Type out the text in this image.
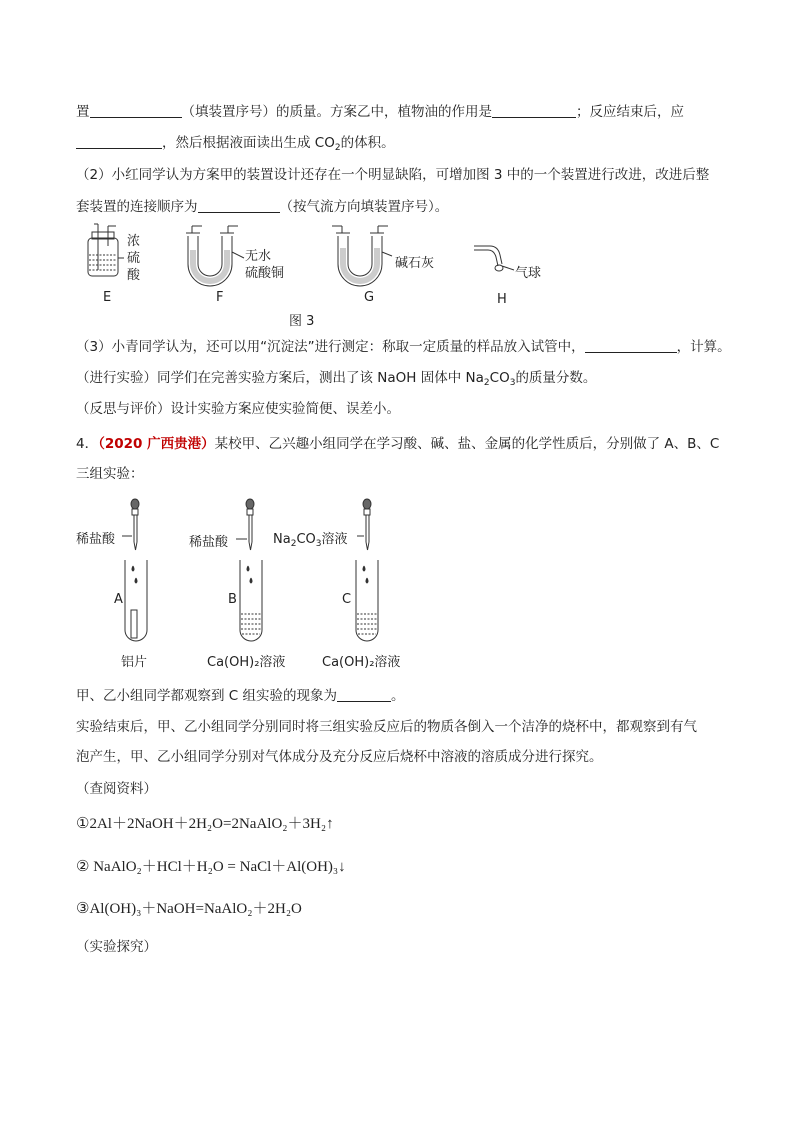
置	（填装置序号）的质量。方案乙中，植物油的作用是	；反应结束后，应
，然后根据液面读出生成 $CO_2$的体积。
（2）小红同学认为方案甲的装置设计还存在一个明显缺陷，可增加图 3 中的一个装置进行改进，改进后整
套装置的连接顺序为	（按气流方向填装置序号）。
浓
硫
酸
E
无水
硫酸铜
F
碱石灰
G
气球
H
图 3
（3）小青同学认为，还可以用“沉淀法”进行测定：称取一定质量的样品放入试管中，	，计算。
（进行实验）同学们在完善实验方案后，测出了该 NaOH 固体中 $Na_2CO_3$的质量分数。
（反思与评价）设计实验方案应使实验简便、误差小。
4．（2020 广西贵港）某校甲、乙兴趣小组同学在学习酸、碱、盐、金属的化学性质后，分别做了 A、B、C
三组实验：
稀盐酸
A
铝片
稀盐酸
B
Ca(OH)₂溶液
$Na_2CO_3$溶液
C
Ca(OH)₂溶液
甲、乙小组同学都观察到 C 组实验的现象为	。
实验结束后，甲、乙小组同学分别同时将三组实验反应后的物质各倒入一个洁净的烧杯中，都观察到有气
泡产生，甲、乙小组同学分别对气体成分及充分反应后烧杯中溶液的溶质成分进行探究。
（查阅资料）
①2Al＋2NaOH＋2H₂O=2NaAlO₂＋3H₂↑
② NaAlO₂＋HCl＋H₂O = NaCl＋Al(OH)₃↓
③Al(OH)₃＋NaOH=NaAlO₂＋2H₂O
（实验探究）
